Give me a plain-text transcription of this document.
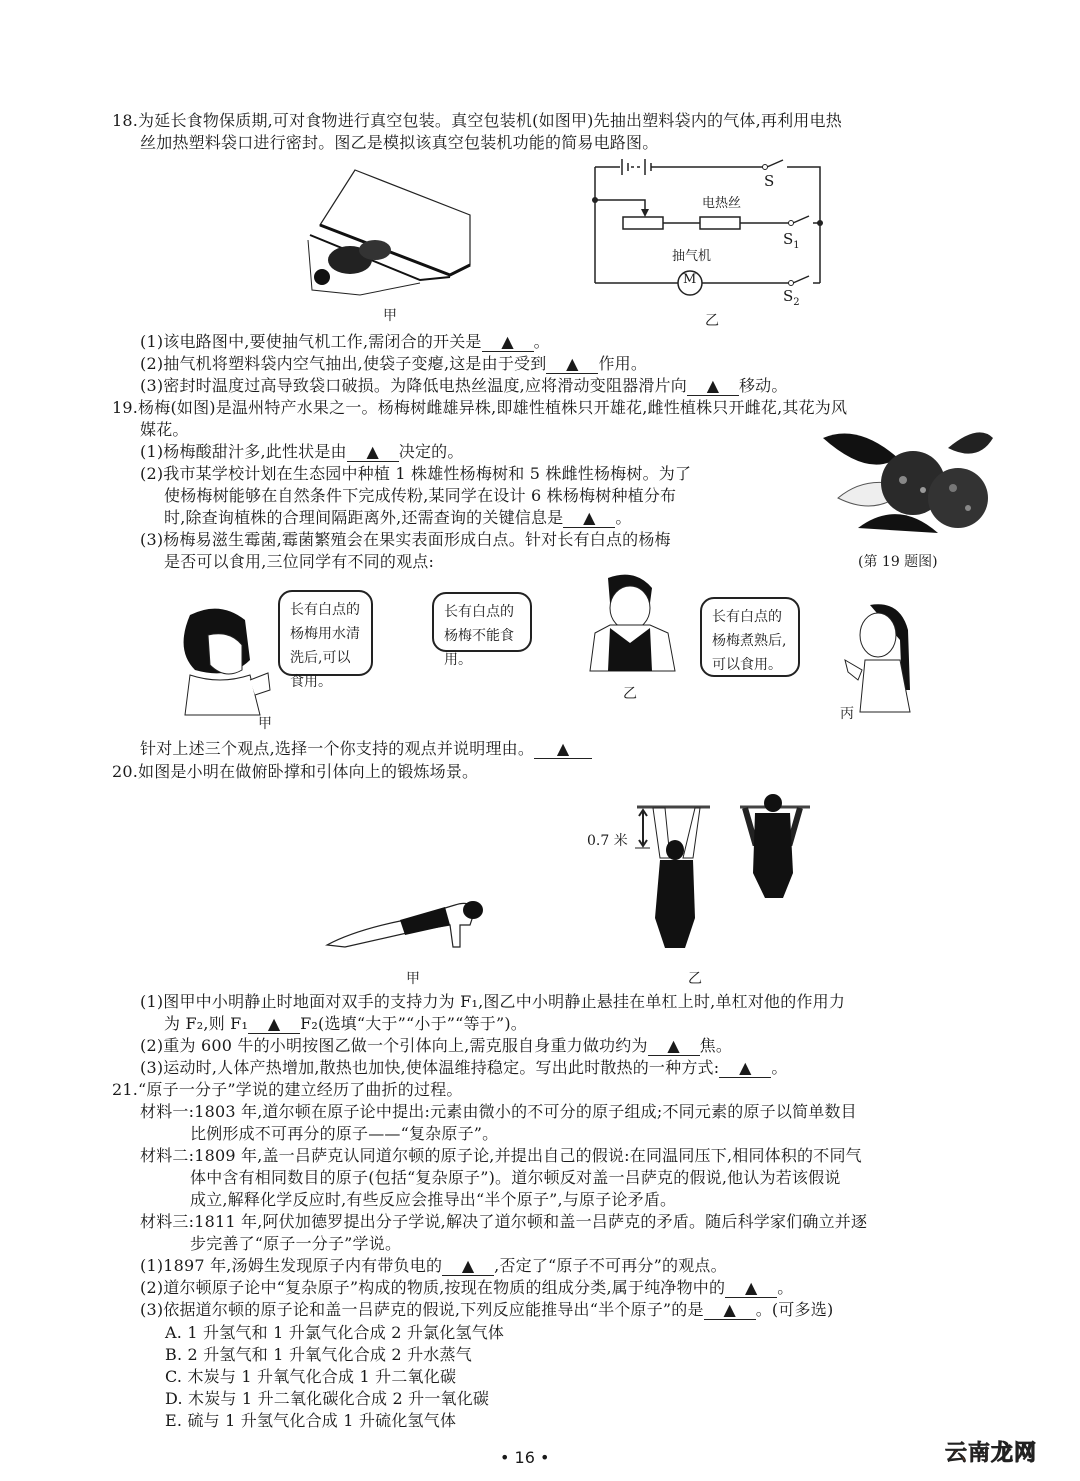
18.为延长食物保质期,可对食物进行真空包装。真空包装机(如图甲)先抽出塑料袋内的气体,再利用电热
丝加热塑料袋口进行密封。图乙是模拟该真空包装机功能的简易电路图。
甲
S
电热丝
$S_1$
抽气机
M
$S_2$
乙
(1)该电路图中,要使抽气机工作,需闭合的开关是 ▲ 。
(2)抽气机将塑料袋内空气抽出,使袋子变瘪,这是由于受到 ▲ 作用。
(3)密封时温度过高导致袋口破损。为降低电热丝温度,应将滑动变阻器滑片向 ▲ 移动。
19.杨梅(如图)是温州特产水果之一。杨梅树雌雄异株,即雄性植株只开雄花,雌性植株只开雌花,其花为风
媒花。
(1)杨梅酸甜汁多,此性状是由 ▲ 决定的。
(2)我市某学校计划在生态园中种植 1 株雄性杨梅树和 5 株雌性杨梅树。为了
使杨梅树能够在自然条件下完成传粉,某同学在设计 6 株杨梅树种植分布
时,除查询植株的合理间隔距离外,还需查询的关键信息是 ▲ 。
(3)杨梅易滋生霉菌,霉菌繁殖会在果实表面形成白点。针对长有白点的杨梅
是否可以食用,三位同学有不同的观点:	(第 19 题图)
甲
长有白点的杨梅用水清洗后,可以食用。
长有白点的杨梅不能食用。
乙
长有白点的杨梅煮熟后,可以食用。
丙
针对上述三个观点,选择一个你支持的观点并说明理由。 ▲
20.如图是小明在做俯卧撑和引体向上的锻炼场景。
甲
0.7 米
乙
(1)图甲中小明静止时地面对双手的支持力为 F₁,图乙中小明静止悬挂在单杠上时,单杠对他的作用力
为 F₂,则 F₁ ▲ F₂(选填“大于”“小于”“等于”)。
(2)重为 600 牛的小明按图乙做一个引体向上,需克服自身重力做功约为 ▲ 焦。
(3)运动时,人体产热增加,散热也加快,使体温维持稳定。写出此时散热的一种方式: ▲ 。
21.“原子一分子”学说的建立经历了曲折的过程。
材料一:1803 年,道尔顿在原子论中提出:元素由微小的不可分的原子组成;不同元素的原子以简单数目
比例形成不可再分的原子——“复杂原子”。
材料二:1809 年,盖一吕萨克认同道尔顿的原子论,并提出自己的假说:在同温同压下,相同体积的不同气
体中含有相同数目的原子(包括“复杂原子”)。道尔顿反对盖一吕萨克的假说,他认为若该假说
成立,解释化学反应时,有些反应会推导出“半个原子”,与原子论矛盾。
材料三:1811 年,阿伏加德罗提出分子学说,解决了道尔顿和盖一吕萨克的矛盾。随后科学家们确立并逐
步完善了“原子一分子”学说。
(1)1897 年,汤姆生发现原子内有带负电的 ▲ ,否定了“原子不可再分”的观点。
(2)道尔顿原子论中“复杂原子”构成的物质,按现在物质的组成分类,属于纯净物中的 ▲ 。
(3)依据道尔顿的原子论和盖一吕萨克的假说,下列反应能推导出“半个原子”的是 ▲ 。(可多选)
A. 1 升氢气和 1 升氯气化合成 2 升氯化氢气体
B. 2 升氢气和 1 升氧气化合成 2 升水蒸气
C. 木炭与 1 升氧气化合成 1 升二氧化碳
D. 木炭与 1 升二氧化碳化合成 2 升一氧化碳
E. 硫与 1 升氢气化合成 1 升硫化氢气体
• 16 •	云南龙网
